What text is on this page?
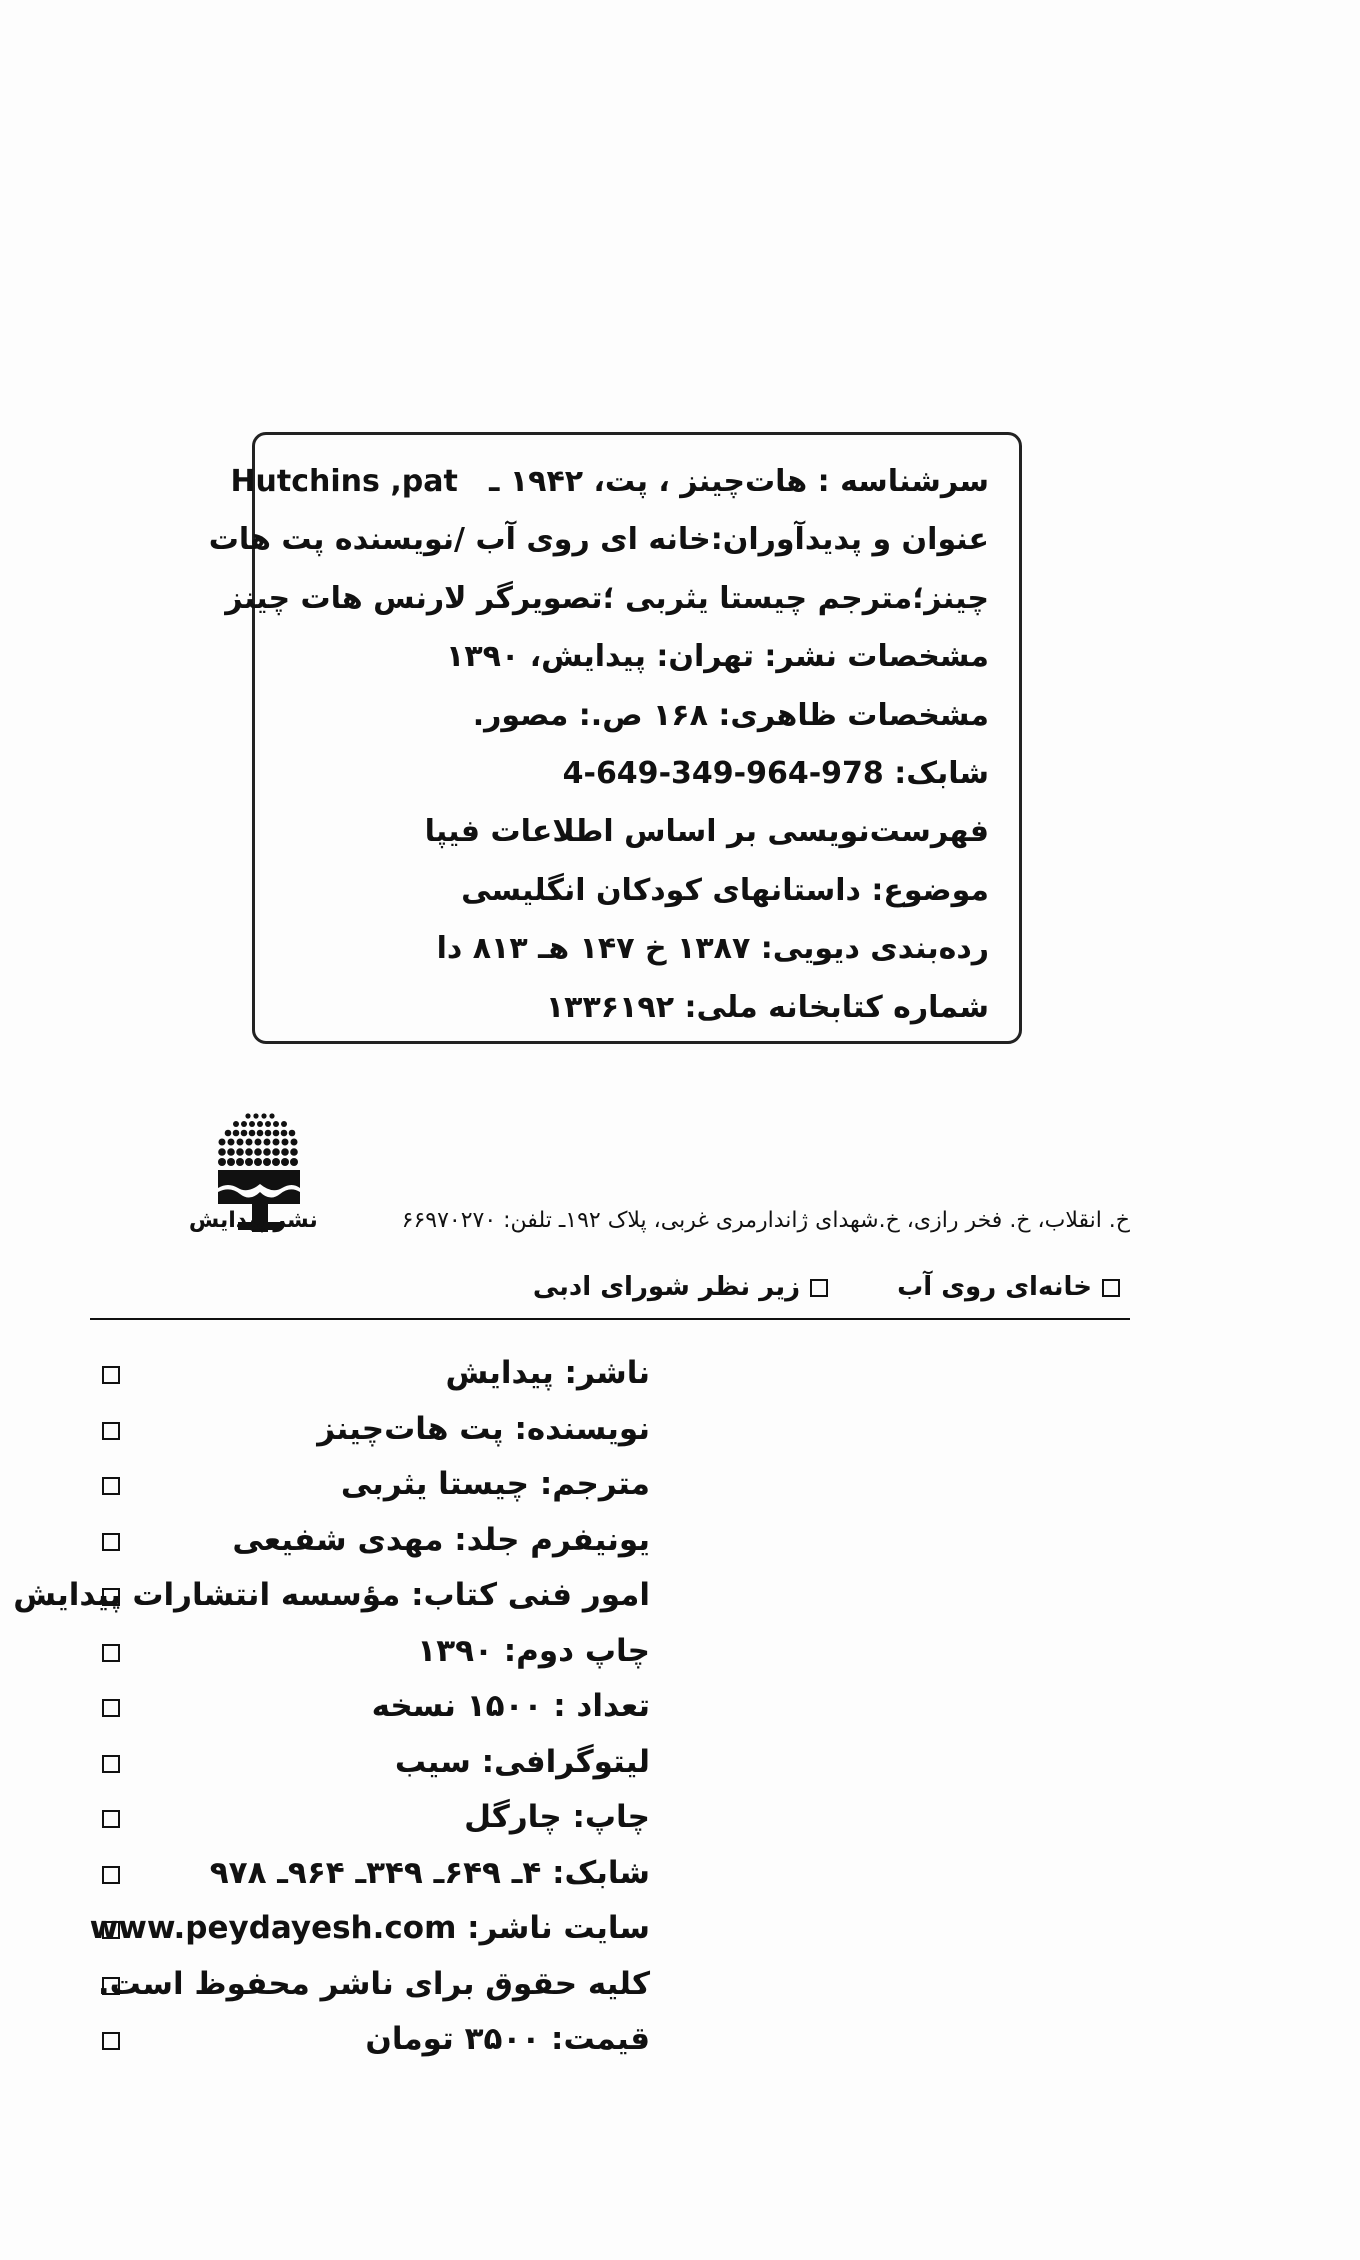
سرشناسه : هات‌چینز ، پت، ۱۹۴۲ ـ   Hutchins ,pat
عنوان و پدیدآوران:خانه ای روی آب /نویسنده پت هات
چینز؛مترجم چیستا یثربی ؛تصویرگر لارنس هات چینز
مشخصات نشر: تهران: پیدایش، ۱۳۹۰
مشخصات ظاهری: ۱۶۸ ص.: مصور.
شابک: 978-964-349-649-4
فهرست‌نویسی بر اساس اطلاعات فیپا
موضوع: داستانهای کودکان انگلیسی
رده‌بندی دیویی: ۱۳۸۷ خ ۱۴۷ هـ ۸۱۳ دا
شماره کتابخانه ملی: ۱۳۳۶۱۹۲
خ. انقلاب، خ. فخر رازی، خ.شهدای ژاندارمری غربی، پلاک ۱۹۲ـ تلفن: ۶۶۹۷۰۲۷۰            نشر پیدایش
خانه‌ای روی آب زیر نظر شورای ادبی
ناشر: پیدایش
نویسنده: پت هات‌چینز
مترجم: چیستا یثربی
یونیفرم جلد: مهدی شفیعی
امور فنی کتاب: مؤسسه انتشارات پیدایش
چاپ دوم: ۱۳۹۰
تعداد : ۱۵۰۰ نسخه
لیتوگرافی: سیب
چاپ: چارگل
شابک: ۴ـ ۶۴۹ـ ۳۴۹ـ ۹۶۴ـ ۹۷۸
سایت ناشر: www.peydayesh.com
کلیه حقوق برای ناشر محفوظ است.
قیمت: ۳۵۰۰ تومان
